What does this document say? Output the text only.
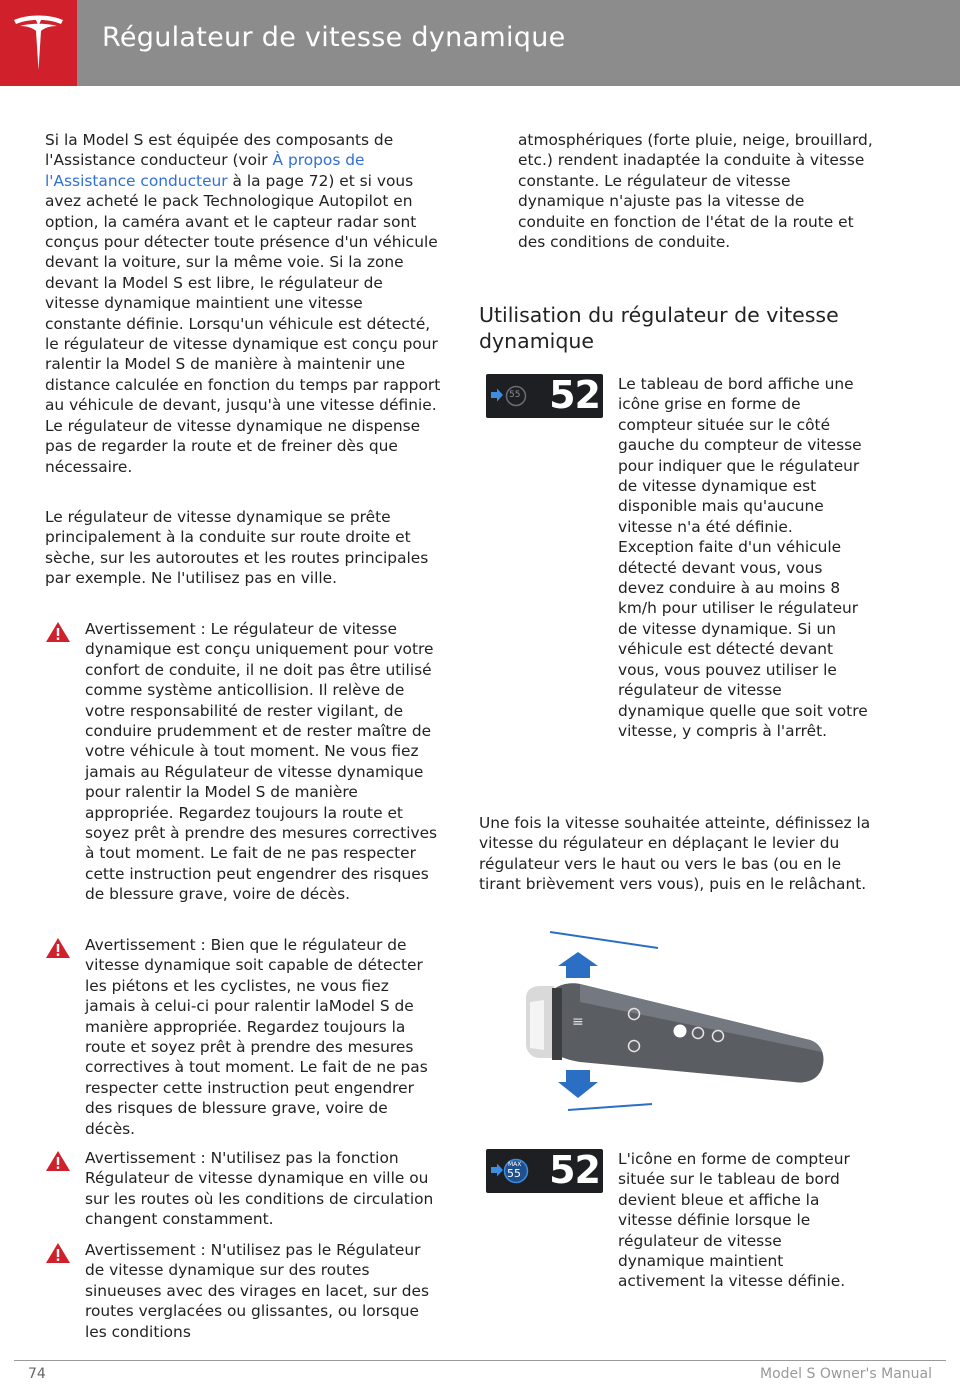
Régulateur de vitesse dynamique
Si la Model S est équipée des composants de l'Assistance conducteur (voir À propos de l'Assistance conducteur à la page 72) et si vous avez acheté le pack Technologique Autopilot en option, la caméra avant et le capteur radar sont conçus pour détecter toute présence d'un véhicule devant la voiture, sur la même voie. Si la zone devant la Model S est libre, le régulateur de vitesse dynamique maintient une vitesse constante définie. Lorsqu'un véhicule est détecté, le régulateur de vitesse dynamique est conçu pour ralentir la Model S de manière à maintenir une distance calculée en fonction du temps par rapport au véhicule de devant, jusqu'à une vitesse définie. Le régulateur de vitesse dynamique ne dispense pas de regarder la route et de freiner dès que nécessaire.
Le régulateur de vitesse dynamique se prête principalement à la conduite sur route droite et sèche, sur les autoroutes et les routes principales par exemple. Ne l'utilisez pas en ville.
Avertissement : Le régulateur de vitesse dynamique est conçu uniquement pour votre confort de conduite, il ne doit pas être utilisé comme système anticollision. Il relève de votre responsabilité de rester vigilant, de conduire prudemment et de rester maître de votre véhicule à tout moment. Ne vous fiez jamais au Régulateur de vitesse dynamique pour ralentir la Model S de manière appropriée. Regardez toujours la route et soyez prêt à prendre des mesures correctives à tout moment. Le fait de ne pas respecter cette instruction peut engendrer des risques de blessure grave, voire de décès.
Avertissement : Bien que le régulateur de vitesse dynamique soit capable de détecter les piétons et les cyclistes, ne vous fiez jamais à celui-ci pour ralentir laModel S de manière appropriée. Regardez toujours la route et soyez prêt à prendre des mesures correctives à tout moment. Le fait de ne pas respecter cette instruction peut engendrer des risques de blessure grave, voire de décès.
Avertissement : N'utilisez pas la fonction Régulateur de vitesse dynamique en ville ou sur les routes où les conditions de circulation changent constamment.
Avertissement : N'utilisez pas le Régulateur de vitesse dynamique sur des routes sinueuses avec des virages en lacet, sur des routes verglacées ou glissantes, ou lorsque les conditions
atmosphériques (forte pluie, neige, brouillard, etc.) rendent inadaptée la conduite à vitesse constante. Le régulateur de vitesse dynamique n'ajuste pas la vitesse de conduite en fonction de l'état de la route et des conditions de conduite.
Utilisation du régulateur de vitesse dynamique
55 52 Le tableau de bord affiche une icône grise en forme de compteur située sur le côté gauche du compteur de vitesse pour indiquer que le régulateur de vitesse dynamique est disponible mais qu'aucune vitesse n'a été définie. Exception faite d'un véhicule détecté devant vous, vous devez conduire à au moins 8 km/h pour utiliser le régulateur de vitesse dynamique. Si un véhicule est détecté devant vous, vous pouvez utiliser le régulateur de vitesse dynamique quelle que soit votre vitesse, y compris à l'arrêt.
Une fois la vitesse souhaitée atteinte, définissez la vitesse du régulateur en déplaçant le levier du régulateur vers le haut ou vers le bas (ou en le tirant brièvement vers vous), puis en le relâchant.
≡
MAX
55 52 L'icône en forme de compteur située sur le tableau de bord devient bleue et affiche la vitesse définie lorsque le régulateur de vitesse dynamique maintient activement la vitesse définie.
74	Model S Owner's Manual
